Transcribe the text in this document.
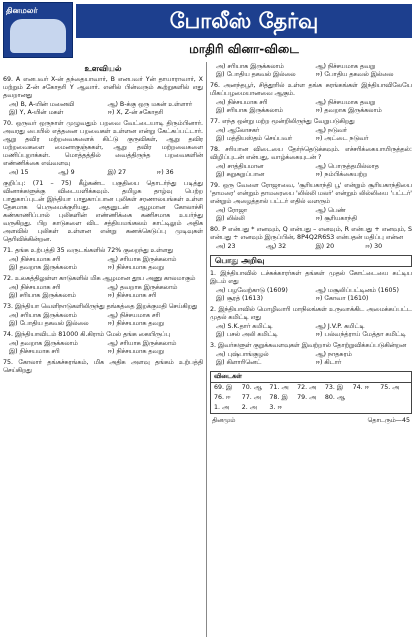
தினமலர்	போலீஸ் தேர்வு
மாதிரி வினா-விடை
உளவியல்
69. A எனபவர் X-ன் தந்தையாவார், B எனபவர் Yன் தாயாராவார், X மற்றும் Z-ன் சகோதரி Y ஆவார். எனில் பின்வரும் கூற்றுகளில் எது தவறானது
அ) B, A-யின் மனைவி	ஆ) B-க்கு ஒரு மகன் உள்ளார்
இ) Y, A-யின் மகள்	ஈ) X, Z-ன் சகோதரி
70. ஒருவர் ஒருநாள் முழுவதும் பறவை வேட்டையாடி திரும்பினார். அவரது பையில் எத்தனை பறவைகள் உள்ளன என்று கேட்கப்பட்டார். ஆறு தவிர மற்றவைகளைக் கிட்டு குருவிகள், ஆறு தவிர மற்றவைகளை மைனாகுஞ்சுகள், ஆறு தவிர மற்றவைகளை மணிப்புறாக்கள். மொத்தத்தில் வைத்திருந்த பறவைகளின் எண்ணிக்கை எவ்வளவு
அ) 15	ஆ) 9	இ) 27	ஈ) 36
குறிப்பு: (71 – 75) கீழ்கண்ட பகுதியை தொடர்ந்து படித்து வினாக்களுக்கு விடையளிக்கவும். தமிழக தாழ்வு பெற்ற பாதுகாப்புடன் இந்தியா பாதுகாப்பான புலிகள் சரணாலயங்கள் உள்ள தேசமாக பெருமைக்குரியது. அதனுடன் ஆழமான கோலாச்சி கண்காணிப்பால் புலிகளின் எண்ணிக்கை கணிசமாக உயர்ந்து வருகிறது. பிற காடுகளை விட சத்தியமங்கலம் காட்டிலும் அதிக அளவில் புலிகள் உள்ளன என்று கணக்கெடுப்பு முடிவுகள் தெரிவிக்கின்றன.
71. தங்க உற்பத்தி 35 வருடங்களில் 72% குறைந்து உள்ளது
அ) நிச்சயமாக சரி	ஆ) சரியாக இருக்கலாம்
இ) தவறாக இருக்கலாம்	ஈ) நிச்சயமாக தவறு
72. உலகத்திலுள்ள காடுகளில் மிக ஆழமான தூய அணு காலமாகும்
அ) நிச்சயமாக சரி	ஆ) தவறாக இருக்கலாம்
இ) சரியாக இருக்கலாம்	ஈ) நிச்சயமாக சரி
73. இந்தியா வெளிநாடுகளிலிருந்து தங்கத்தை இறக்குமதி செய்கிறது
அ) சரியாக இருக்கலாம்	ஆ) நிச்சயமாக சரி
இ) போதிய தகவல் இல்லை	ஈ) நிச்சயமாக தவறு
74. இந்தியாவிடம் 81000 கி.கிராம் மேல் தங்க கையிருப்பு
அ) தவறாக இருக்கலாம்	ஆ) சரியாக இருக்கலாம்
இ) நிச்சயமாக சரி	ஈ) நிச்சயமாக தவறு
75. கோலார் தங்கச்சுரங்கம், மிக அதிக அளவு தங்கம் உற்பத்தி செய்கிறது
அ) சரியாக இருக்கலாம்	ஆ) நிச்சயமாக தவறு
இ) போதிய தகவல் இல்லை	ஈ) போதிய தகவல் இல்லை
76. அனந்தபூர், சித்தூரில் உள்ள தங்க சுரங்கங்கள் இந்தியாவிலேயே மிகப்பழமையானவை ஆகும்.
அ) நிச்சயமாக சரி	ஆ) நிச்சயமாக தவறு
இ) சரியாக இருக்கலாம்	ஈ) தவறாக இருக்கலாம்
77. எந்த ஒன்று மற்ற மூன்றிலிருந்து வேறுபடுகிறது
அ) ஆலோசகர்	ஆ) நடுவர்
இ) மத்தியஸ்தம் செய்பவர்	ஈ) அட்டை நடுவர்
78. சரியான விடையை தேர்ந்தெடுக்கவும். எச்சரிக்கையாயிருத்தல்: விழிப்புடன் என்பது, வாழ்க்கையுடன் ?
அ) சாத்தியமான	ஆ) பொருத்தமில்லாத
இ) சுறுசுறுப்பான	ஈ) நம்பிக்கையற்ற
79. ஒரு வேளை ரோஜாவை, 'சூரியகாந்தி பூ' என்றும் சூரியகாந்தியை 'தாமரை' என்றும் தாமரையை 'லில்லி மலர்' என்றும் லில்லியை 'பட்டர்' என்றும் அழைத்தால் பட்டர் எதில் வளரும்
அ) ரோஜா	ஆ) பெண்
இ) லில்லி	ஈ) சூரியகாந்தி
80. P என்பது * எனவும், Q என்பது – எனவும், R என்பது + எனவும், S என்பது ÷ எனவும் இருப்பின், 8P4Q2R6S3 என்பதன் மதிப்பு என்ன
அ) 23	ஆ) 32	இ) 20	ஈ) 30
பொது அறிவு
1. இந்தியாவில் டச்சுக்காரர்கள் தங்கள் முதல் கோட்டையை கட்டிய இடம் எது
அ) பழவேற்காடு (1609)	ஆ) மசூலிப்பட்டினம் (1605)
இ) சூரத் (1613)	ஈ) கோவா (1610)
2. இந்தியாவில் மொழிவாரி மாநிலங்கள் உருவாக்கிட அமைக்கப்பட்ட முதல் கமிட்டி எது
அ) S.K.தார் கமிட்டி	ஆ) J.V.P. கமிட்டி
இ) பசல் அலி கமிட்டி	ஈ) பல்வந்த்ராய் மேத்தா கமிட்டி
3. இவர்களுள் குறுக்கவளவுகள் இவற்றால் தோற்றுவிக்கப்படுகின்றன
அ) புஷ்பாங்குழல்	ஆ) நாதசுரம்
இ) கிளாரினெட்	ஈ) கிடார்
விடைகள்
69. இ	70. ஆ	71. அ	72. அ	73. இ	74. ஈ	75. அ
76. ஈ	77. அ	78. இ	79. அ	80. ஆ
1. அ	2. அ	3. ஈ
தினமும்	தொடரும்—45
